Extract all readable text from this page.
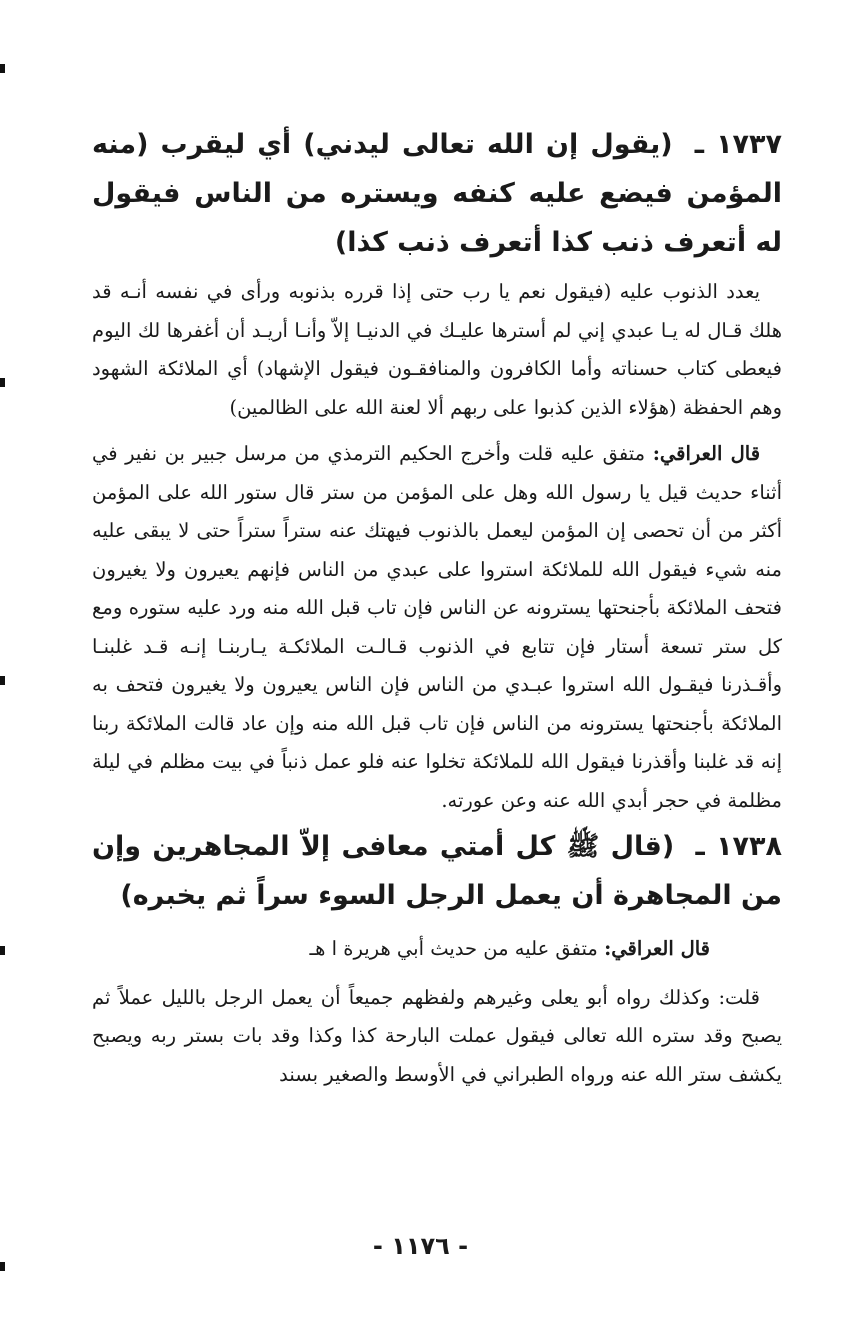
١٧٣٧ ـ (يقول إن الله تعالى ليدني) أي ليقرب (منه المؤمن فيضع عليه كنفه ويستره من الناس فيقول له أتعرف ذنب كذا أتعرف ذنب كذا)

يعدد الذنوب عليه (فيقول نعم يا رب حتى إذا قرره بذنوبه ورأى في نفسه أنـه قد هلك قـال له يـا عبدي إني لم أسترها عليـك في الدنيـا إلاّ وأنـا أريـد أن أغفرها لك اليوم فيعطى كتاب حسناته وأما الكافرون والمنافقـون فيقول الإشهاد) أي الملائكة الشهود وهم الحفظة (هؤلاء الذين كذبوا على ربهم ألا لعنة الله على الظالمين)

قال العراقي: متفق عليه قلت وأخرج الحكيم الترمذي من مرسل جبير بن نفير في أثناء حديث قيل يا رسول الله وهل على المؤمن من ستر قال ستور الله على المؤمن أكثر من أن تحصى إن المؤمن ليعمل بالذنوب فيهتك عنه ستراً ستراً حتى لا يبقى عليه منه شيء فيقول الله للملائكة استروا على عبدي من الناس فإنهم يعيرون ولا يغيرون فتحف الملائكة بأجنحتها يسترونه عن الناس فإن تاب قبل الله منه ورد عليه ستوره ومع كل ستر تسعة أستار فإن تتابع في الذنوب قـالـت الملائكـة يـاربنـا إنـه قـد غلبنـا وأقـذرنا فيقـول الله استروا عبـدي من الناس فإن الناس يعيرون ولا يغيرون فتحف به الملائكة بأجنحتها يسترونه من الناس فإن تاب قبل الله منه وإن عاد قالت الملائكة ربنا إنه قد غلبنا وأقذرنا فيقول الله للملائكة تخلوا عنه فلو عمل ذنباً في بيت مظلم في ليلة مظلمة في حجر أبدي الله عنه وعن عورته.

١٧٣٨ ـ (قال ﷺ كل أمتي معافى إلاّ المجاهرين وإن من المجاهرة أن يعمل الرجل السوء سراً ثم يخبره)

قال العراقي: متفق عليه من حديث أبي هريرة ا هـ

قلت: وكذلك رواه أبو يعلى وغيرهم ولفظهم جميعاً أن يعمل الرجل بالليل عملاً ثم يصبح وقد ستره الله تعالى فيقول عملت البارحة كذا وكذا وقد بات بستر ربه ويصبح يكشف ستر الله عنه ورواه الطبراني في الأوسط والصغير بسند

- ١١٧٦ -
